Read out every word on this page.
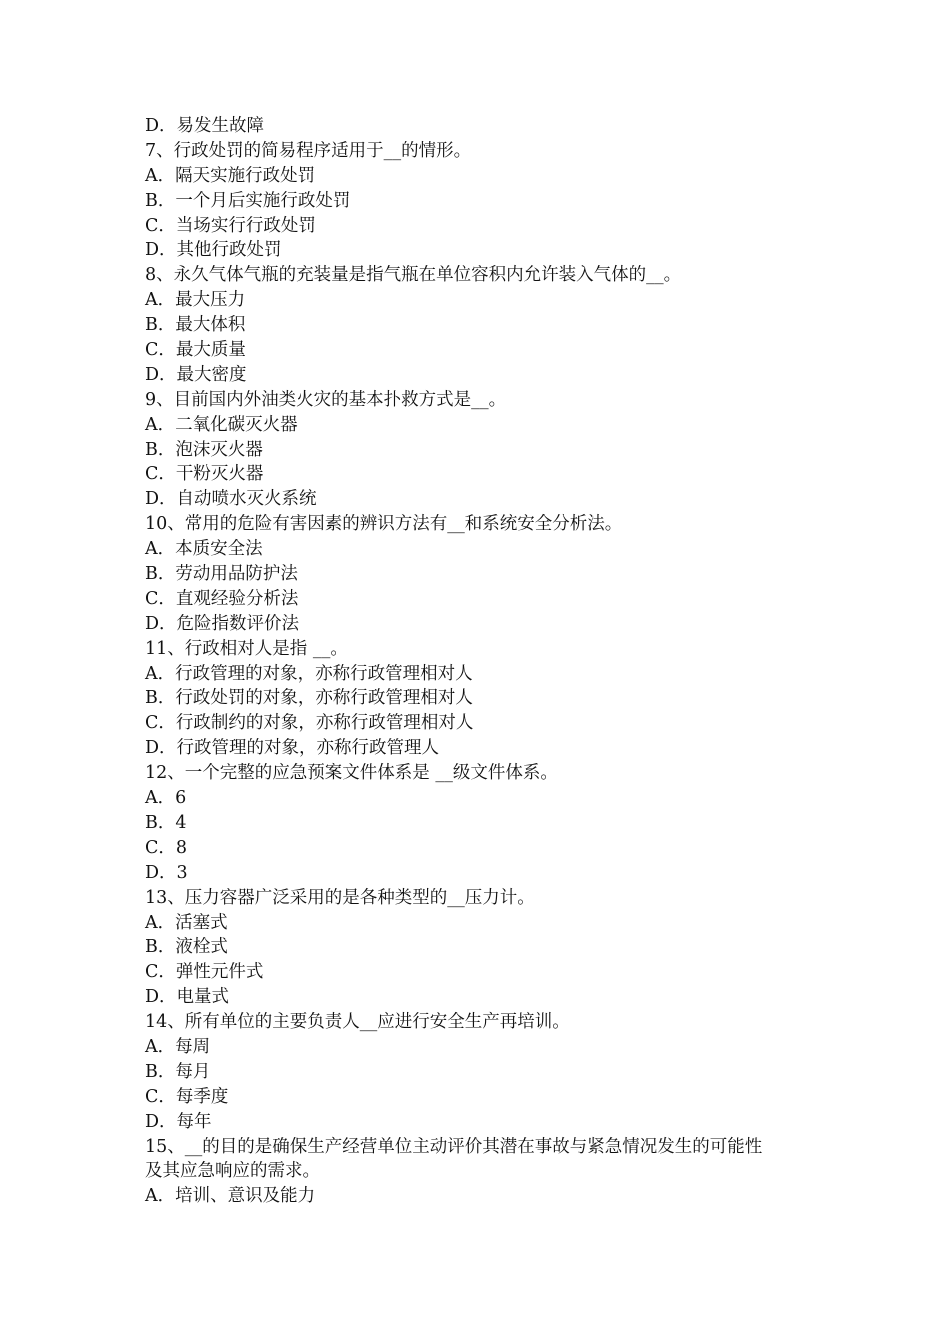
D．易发生故障
7、行政处罚的简易程序适用于__的情形。
A．隔天实施行政处罚
B．一个月后实施行政处罚
C．当场实行行政处罚
D．其他行政处罚
8、永久气体气瓶的充装量是指气瓶在单位容积内允许装入气体的__。
A．最大压力
B．最大体积
C．最大质量
D．最大密度
9、目前国内外油类火灾的基本扑救方式是__。
A．二氧化碳灭火器
B．泡沫灭火器
C．干粉灭火器
D．自动喷水灭火系统
10、常用的危险有害因素的辨识方法有__和系统安全分析法。
A．本质安全法
B．劳动用品防护法
C．直观经验分析法
D．危险指数评价法
11、行政相对人是指 __。
A．行政管理的对象，亦称行政管理相对人
B．行政处罚的对象，亦称行政管理相对人
C．行政制约的对象，亦称行政管理相对人
D．行政管理的对象，亦称行政管理人
12、一个完整的应急预案文件体系是 __级文件体系。
A．6
B．4
C．8
D．3
13、压力容器广泛采用的是各种类型的__压力计。
A．活塞式
B．液栓式
C．弹性元件式
D．电量式
14、所有单位的主要负责人__应进行安全生产再培训。
A．每周
B．每月
C．每季度
D．每年
15、__的目的是确保生产经营单位主动评价其潜在事故与紧急情况发生的可能性
及其应急响应的需求。
A．培训、意识及能力
